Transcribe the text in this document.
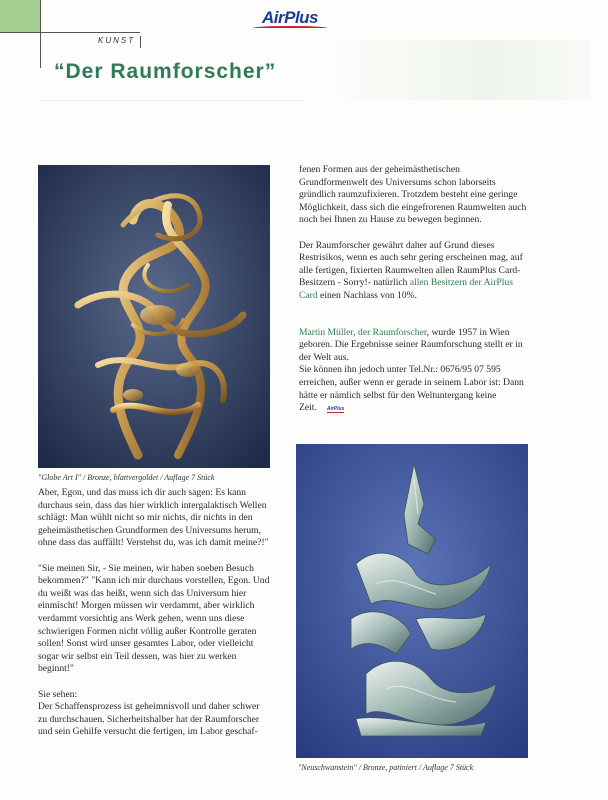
KUNST
AirPlus
“Der Raumforscher”
"Globe Art I" / Bronze, blattvergoldet / Auflage 7 Stück
"Neuschwanstein" / Bronze, patiniert / Auflage 7 Stück

Aber, Egon, und das muss ich dir auch sagen: Es kann durchaus sein, dass das hier wirklich intergalaktisch Wellen schlägt: Man wühlt nicht so mir nichts, dir nichts in den geheimästhetischen Grundformen des Universums herum, ohne dass das auffällt! Verstehst du, was ich damit meine?!"

"Sie meinen Sir, - Sie meinen, wir haben soeben Besuch bekommen?" "Kann ich mir durchaus vorstellen, Egon. Und du weißt was das heißt, wenn sich das Universum hier einmischt! Morgen müssen wir verdammt, aber wirklich verdammt vorsichtig ans Werk gehen, wenn uns diese schwierigen Formen nicht völlig außer Kontrolle geraten sollen! Sonst wird unser gesamtes Labor, oder vielleicht sogar wir selbst ein Teil dessen, was hier zu werken beginnt!"

Sie sehen:

Der Schaffensprozess ist geheimnisvoll und daher schwer zu durchschauen. Sicherheitshalber hat der Raumforscher und sein Gehilfe versucht die fertigen, im Labor geschaf-

fenen Formen aus der geheimästhetischen Grundformenwelt des Universums schon laborseits gründlich raumzufixieren. Trotzdem besteht eine geringe Möglichkeit, dass sich die eingefrorenen Raumwelten auch noch bei Ihnen zu Hause zu bewegen beginnen.

Der Raumforscher gewährt daher auf Grund dieses Restrisikos, wenn es auch sehr gering erscheinen mag, auf alle fertigen, fixierten Raumwelten allen RaumPlus Card-Besitzern - Sorry!- natürlich allen Besitzern der AirPlus Card einen Nachlass von 10%.

Martin Müller, der Raumforscher, wurde 1957 in Wien geboren. Die Ergebnisse seiner Raumforschung stellt er in der Welt aus.

Sie können ihn jedoch unter Tel.Nr.: 0676/95 07 595 erreichen, außer wenn er gerade in seinem Labor ist: Dann hätte er nämlich selbst für den Weltuntergang keine Zeit. AirPlus
